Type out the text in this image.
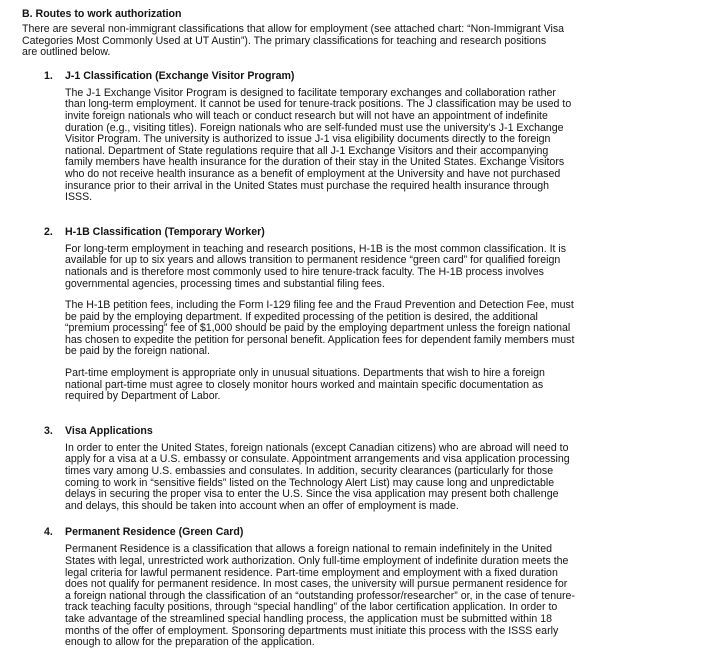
B. Routes to work authorization
There are several non-immigrant classifications that allow for employment (see attached chart: “Non-Immigrant Visa
Categories Most Commonly Used at UT Austin”). The primary classifications for teaching and research positions
are outlined below.
1. J-1 Classification (Exchange Visitor Program)
The J-1 Exchange Visitor Program is designed to facilitate temporary exchanges and collaboration rather
than long-term employment. It cannot be used for tenure-track positions. The J classification may be used to
invite foreign nationals who will teach or conduct research but will not have an appointment of indefinite
duration (e.g., visiting titles). Foreign nationals who are self-funded must use the university’s J-1 Exchange
Visitor Program. The university is authorized to issue J-1 visa eligibility documents directly to the foreign
national. Department of State regulations require that all J-1 Exchange Visitors and their accompanying
family members have health insurance for the duration of their stay in the United States. Exchange Visitors
who do not receive health insurance as a benefit of employment at the University and have not purchased
insurance prior to their arrival in the United States must purchase the required health insurance through
ISSS.
2. H-1B Classification (Temporary Worker)
For long-term employment in teaching and research positions, H-1B is the most common classification. It is
available for up to six years and allows transition to permanent residence “green card” for qualified foreign
nationals and is therefore most commonly used to hire tenure-track faculty. The H-1B process involves
governmental agencies, processing times and substantial filing fees.
The H-1B petition fees, including the Form I-129 filing fee and the Fraud Prevention and Detection Fee, must
be paid by the employing department. If expedited processing of the petition is desired, the additional
“premium processing” fee of $1,000 should be paid by the employing department unless the foreign national
has chosen to expedite the petition for personal benefit. Application fees for dependent family members must
be paid by the foreign national.
Part-time employment is appropriate only in unusual situations. Departments that wish to hire a foreign
national part-time must agree to closely monitor hours worked and maintain specific documentation as
required by Department of Labor.
3. Visa Applications
In order to enter the United States, foreign nationals (except Canadian citizens) who are abroad will need to
apply for a visa at a U.S. embassy or consulate. Appointment arrangements and visa application processing
times vary among U.S. embassies and consulates. In addition, security clearances (particularly for those
coming to work in “sensitive fields” listed on the Technology Alert List) may cause long and unpredictable
delays in securing the proper visa to enter the U.S. Since the visa application may present both challenge
and delays, this should be taken into account when an offer of employment is made.
4. Permanent Residence (Green Card)
Permanent Residence is a classification that allows a foreign national to remain indefinitely in the United
States with legal, unrestricted work authorization. Only full-time employment of indefinite duration meets the
legal criteria for lawful permanent residence. Part-time employment and employment with a fixed duration
does not qualify for permanent residence. In most cases, the university will pursue permanent residence for
a foreign national through the classification of an “outstanding professor/researcher” or, in the case of tenure-
track teaching faculty positions, through “special handling” of the labor certification application. In order to
take advantage of the streamlined special handling process, the application must be submitted within 18
months of the offer of employment. Sponsoring departments must initiate this process with the ISSS early
enough to allow for the preparation of the application.
